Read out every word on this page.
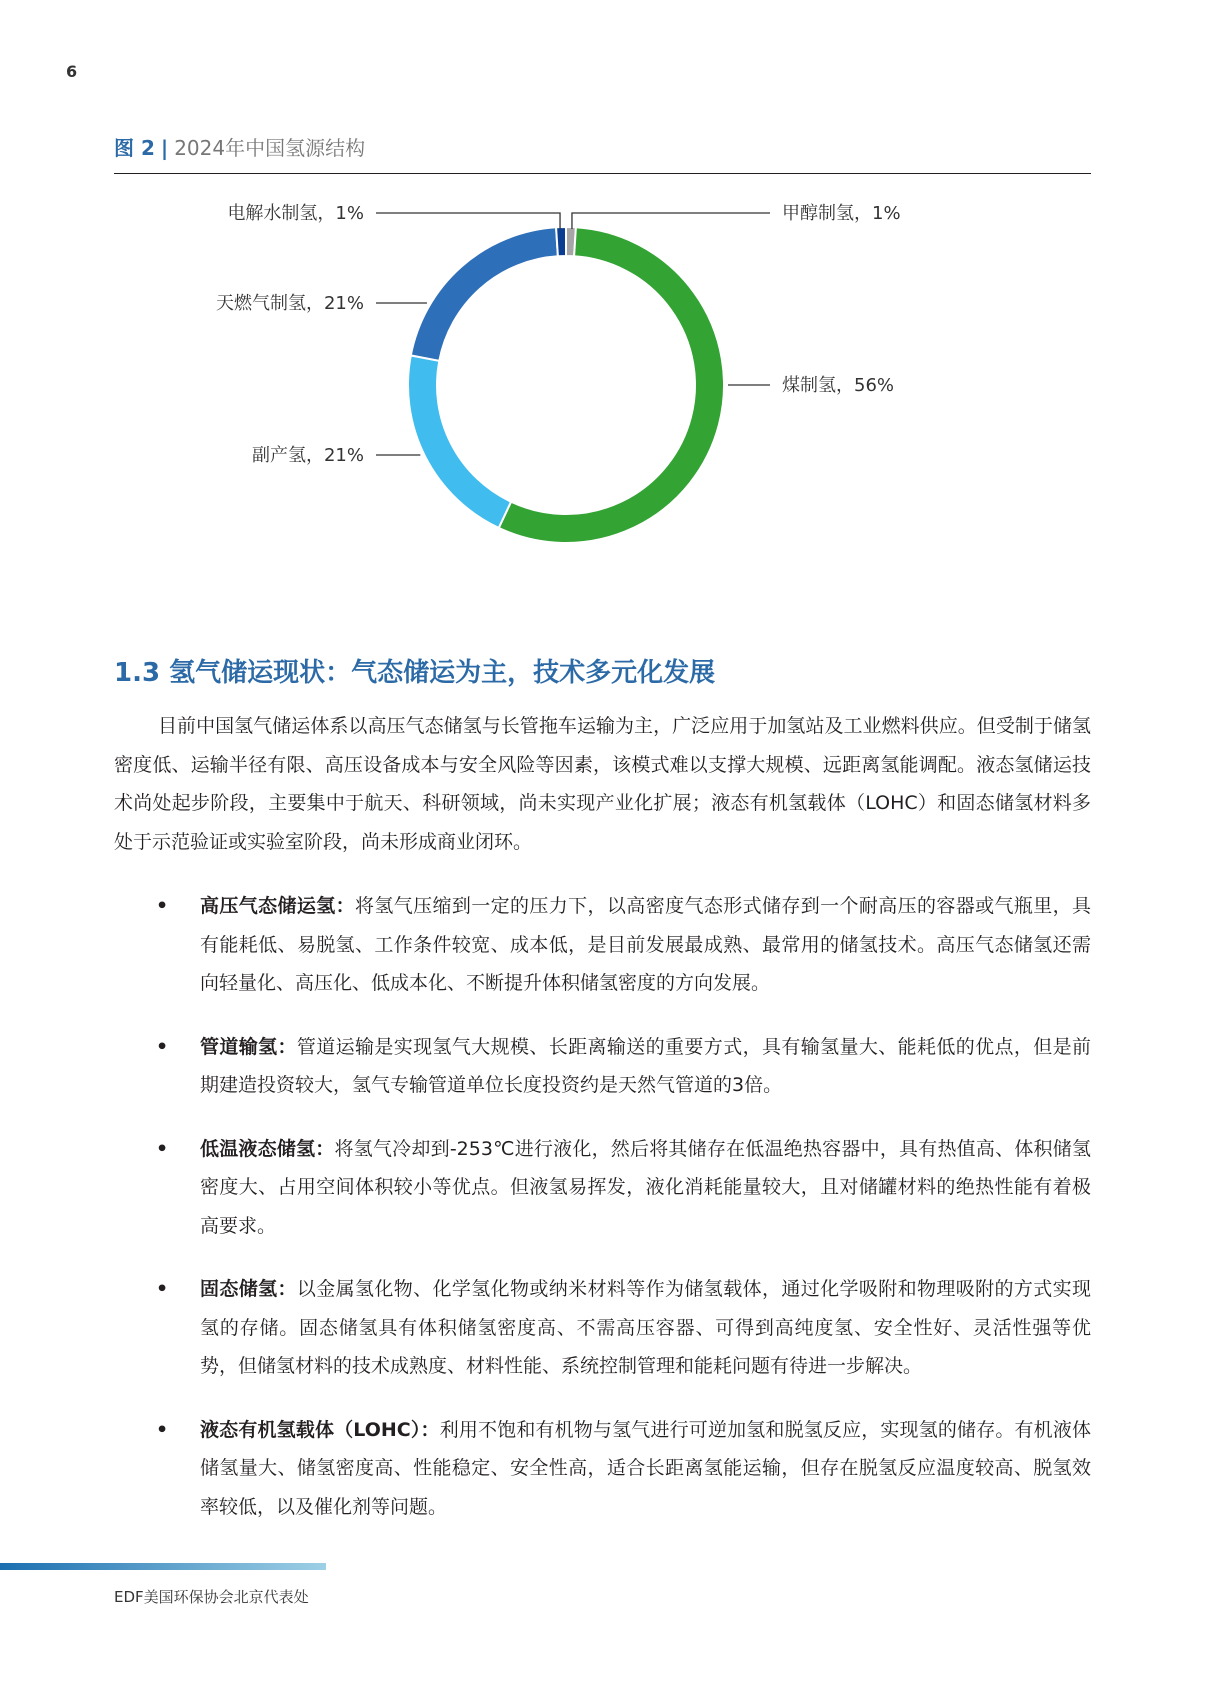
6
图 2 | 2024年中国氢源结构
甲醇制氢，1%
煤制氢，56%
副产氢，21%
天燃气制氢，21%
电解水制氢，1%
1.3 氢气储运现状：气态储运为主，技术多元化发展

目前中国氢气储运体系以高压气态储氢与长管拖车运输为主，广泛应用于加氢站及工业燃料供应。但受制于储氢密度低、运输半径有限、高压设备成本与安全风险等因素，该模式难以支撑大规模、远距离氢能调配。液态氢储运技术尚处起步阶段，主要集中于航天、科研领域，尚未实现产业化扩展；液态有机氢载体（LOHC）和固态储氢材料多处于示范验证或实验室阶段，尚未形成商业闭环。

• 高压气态储运氢：将氢气压缩到一定的压力下，以高密度气态形式储存到一个耐高压的容器或气瓶里，具有能耗低、易脱氢、工作条件较宽、成本低，是目前发展最成熟、最常用的储氢技术。高压气态储氢还需向轻量化、高压化、低成本化、不断提升体积储氢密度的方向发展。
• 管道输氢：管道运输是实现氢气大规模、长距离输送的重要方式，具有输氢量大、能耗低的优点，但是前期建造投资较大，氢气专输管道单位长度投资约是天然气管道的3倍。
• 低温液态储氢：将氢气冷却到-253℃进行液化，然后将其储存在低温绝热容器中，具有热值高、体积储氢密度大、占用空间体积较小等优点。但液氢易挥发，液化消耗能量较大，且对储罐材料的绝热性能有着极高要求。
• 固态储氢：以金属氢化物、化学氢化物或纳米材料等作为储氢载体，通过化学吸附和物理吸附的方式实现氢的存储。固态储氢具有体积储氢密度高、不需高压容器、可得到高纯度氢、安全性好、灵活性强等优势，但储氢材料的技术成熟度、材料性能、系统控制管理和能耗问题有待进一步解决。
• 液态有机氢载体（LOHC）：利用不饱和有机物与氢气进行可逆加氢和脱氢反应，实现氢的储存。有机液体储氢量大、储氢密度高、性能稳定、安全性高，适合长距离氢能运输，但存在脱氢反应温度较高、脱氢效率较低，以及催化剂等问题。
EDF美国环保协会北京代表处
